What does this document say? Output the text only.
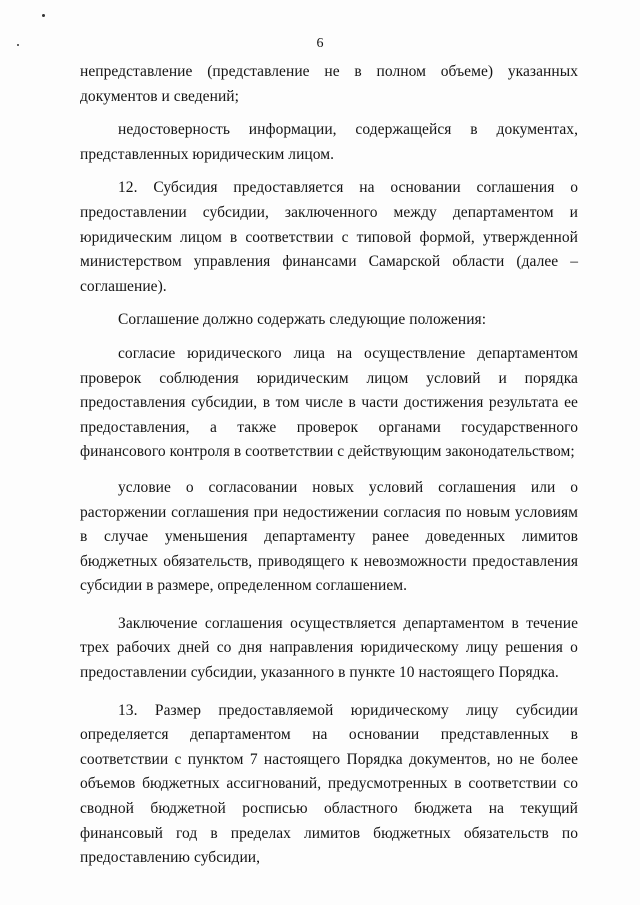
6

непредставление (представление не в полном объеме) указанных документов и сведений;

недостоверность информации, содержащейся в документах, представленных юридическим лицом.

12. Субсидия предоставляется на основании соглашения о предоставлении субсидии, заключенного между департаментом и юридическим лицом в соответствии с типовой формой, утвержденной министерством управления финансами Самарской области (далее – соглашение).

Соглашение должно содержать следующие положения:

согласие юридического лица на осуществление департаментом проверок соблюдения юридическим лицом условий и порядка предоставления субсидии, в том числе в части достижения результата ее предоставления, а также проверок органами государственного финансового контроля в соответствии с действующим законодательством;

условие о согласовании новых условий соглашения или о расторжении соглашения при недостижении согласия по новым условиям в случае уменьшения департаменту ранее доведенных лимитов бюджетных обязательств, приводящего к невозможности предоставления субсидии в размере, определенном соглашением.

Заключение соглашения осуществляется департаментом в течение трех рабочих дней со дня направления юридическому лицу решения о предоставлении субсидии, указанного в пункте 10 настоящего Порядка.

13. Размер предоставляемой юридическому лицу субсидии определяется департаментом на основании представленных в соответствии с пунктом 7 настоящего Порядка документов, но не более объемов бюджетных ассигнований, предусмотренных в соответствии со сводной бюджетной росписью областного бюджета на текущий финансовый год в пределах лимитов бюджетных обязательств по предоставлению субсидии,
